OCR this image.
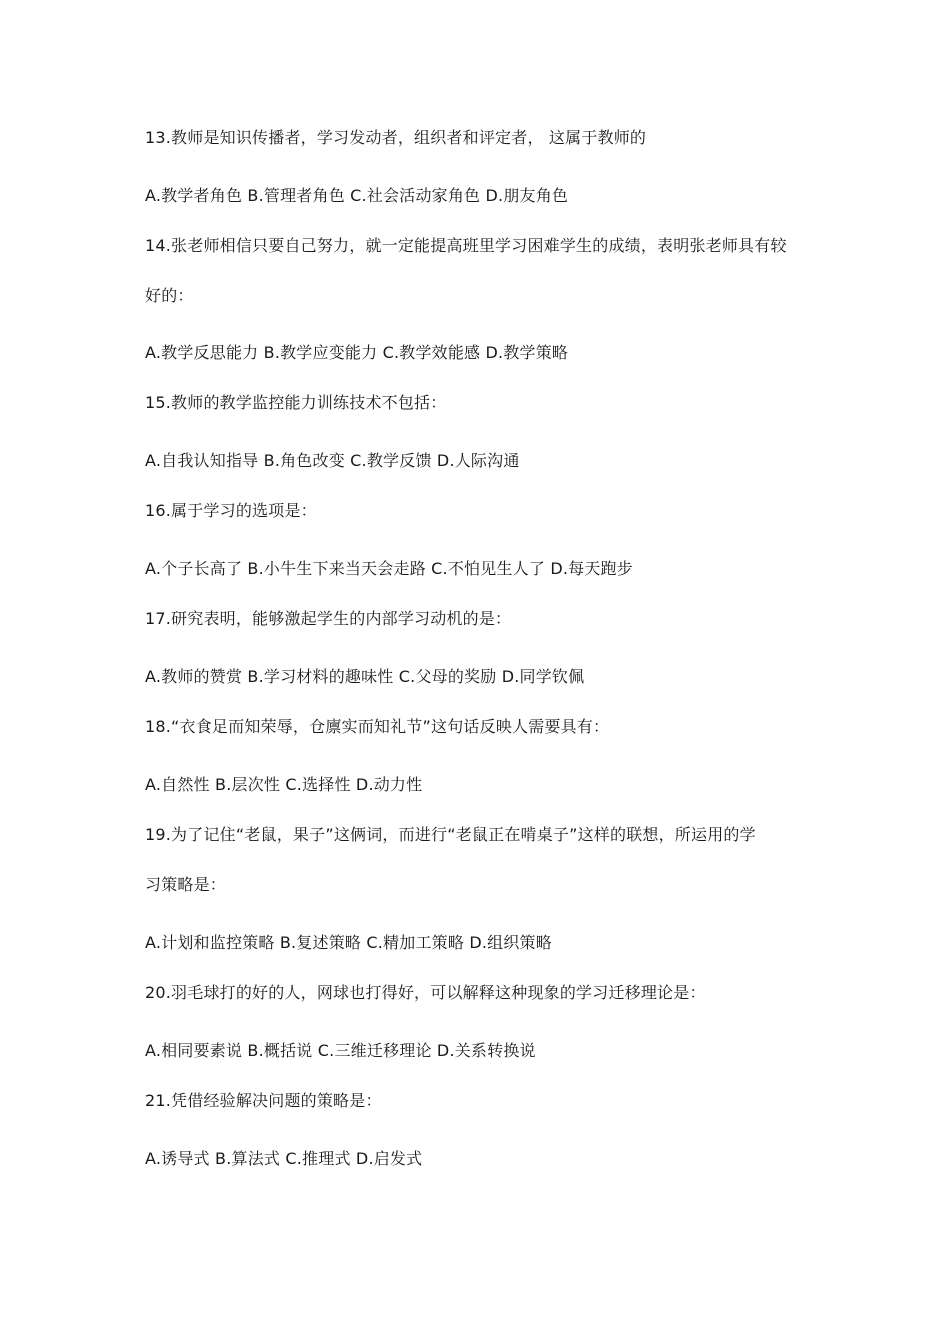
13.教师是知识传播者，学习发动者，组织者和评定者， 这属于教师的
A.教学者角色 B.管理者角色 C.社会活动家角色 D.朋友角色
14.张老师相信只要自己努力，就一定能提高班里学习困难学生的成绩，表明张老师具有较
好的：
A.教学反思能力 B.教学应变能力 C.教学效能感 D.教学策略
15.教师的教学监控能力训练技术不包括：
A.自我认知指导 B.角色改变 C.教学反馈 D.人际沟通
16.属于学习的选项是：
A.个子长高了 B.小牛生下来当天会走路 C.不怕见生人了 D.每天跑步
17.研究表明，能够激起学生的内部学习动机的是：
A.教师的赞赏 B.学习材料的趣味性 C.父母的奖励 D.同学钦佩
18.“衣食足而知荣辱，仓廪实而知礼节”这句话反映人需要具有：
A.自然性 B.层次性 C.选择性 D.动力性
19.为了记住“老鼠，果子”这俩词，而进行“老鼠正在啃桌子”这样的联想，所运用的学
习策略是：
A.计划和监控策略 B.复述策略 C.精加工策略 D.组织策略
20.羽毛球打的好的人，网球也打得好，可以解释这种现象的学习迁移理论是：
A.相同要素说 B.概括说 C.三维迁移理论 D.关系转换说
21.凭借经验解决问题的策略是：
A.诱导式 B.算法式 C.推理式 D.启发式
